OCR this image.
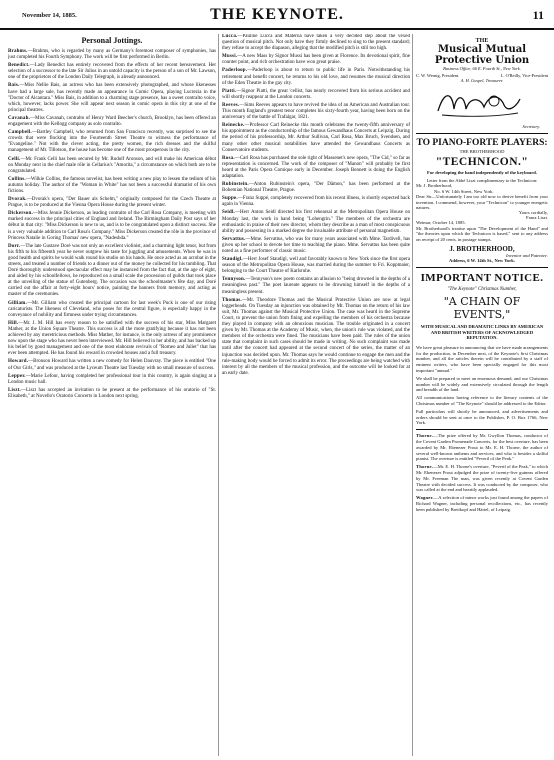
November 14, 1885.	THE KEYNOTE.	11
Personal Jottings.

Brahms.—Brahms, who is regarded by many as Germany's foremost composer of symphonies, has just completed his Fourth Symphony. The work will be first performed in Berlin.

Benedict.—Lady Benedict has entirely recovered from the effects of her recent bereavement. Her selection of a successor to the late Sir Julius in an untold capacity is the person of a son of Mr. Lawson, one of the proprietors of the London Daily Telegraph, is already announced.

Bais.—Miss Nellie Bais, an actress who has been extensively photographed, and whose likenesses have had a large sale, has recently made an appearance in Comic Opera, playing Lucrezia in the "Doctor of Alcantara." Miss Bais, in addition to a charming stage presence, has a sweet contralto voice, which, however, lacks power. She will appear next season in comic opera in this city at one of the principal theatres.

Cavanah.—Miss Cavanah, contralto of Henry Ward Beecher's church, Brooklyn, has been offered an engagement with the Kellogg company as solo contralto.

Campbell.—Bartley Campbell, who returned from San Francisco recently, was surprised to see the crowds that were flocking into the Fourteenth Street Theatre to witness the performance of "Evangeline." Not with the clever acting, the pretty women, the rich dresses and the skilful management of Mr. Tillotson, the house has become one of the most prosperous in the city.

Celli.—Mr. Frank Celli has been secured by Mr. Rudolf Aronson, and will make his American début on Monday next in the chief male rôle in Cellarius's "Amorita," a circumstance on which both are to be congratulated.

Collins.—Wilkie Collins, the famous novelist, has been writing a new play to lessen the tedium of his autumn holiday. The author of the "Woman in White" has not been a successful dramatist of his own fictions.

Dvorak.—Dvorak's opera, "Der Bauer als Schelm," originally composed for the Czech Theatre at Prague, is to be produced at the Vienna Opera House during the present winter.

Dickerson.—Miss Jennie Dickerson, as leading contralto of the Carl Rosa Company, is meeting with marked success in the principal cities of England and Ireland. The Birmingham Daily Post says of her début in that city: "Miss Dickerson is new to us, and is to be congratulated upon a distinct success. She is a very valuable addition to Carl Rosa's Company." Miss Dickerson created the rôle in the province of Princess Natalie in Goring Thomas' new opera, "Nadeshda."

Dorr.—The late Gustave Doré was not only an excellent violinist, and a charming light tenor, but from his fifth to his fifteenth year he never outgrew his taste for juggling and amusements. When he was in good health and spirits he would walk round his studio on his hands. He once acted as an acrobat in the streets, and treated a number of friends to a dinner out of the money he collected for his tumbling. That Doré thoroughly understood spectacular effect may be instanced from the fact that, at the age of eight, and aided by his schoolfellows, he reproduced on a small scale the procession of guilds that took place at the unveiling of the statue of Gutenberg. The occasion was the schoolmaster's fête day, and Doré carried out the affair at forty-eight hours' notice, painting the banners from memory, and acting as master of the ceremonies.

Gilliam.—Mr. Gilliam who created the principal cartoon for last week's Puck is one of our rising caricaturists. The likeness of Cleveland, who poses for the central figure, is especially happy in the conveyance of nobility and firmness under trying circumstances.

Hill.—Mr. J. M. Hill has every reason to be satisfied with the success of his star, Miss Margaret Mather, at the Union Square Theatre. This success is all the more gratifying because it has not been achieved by any meretricious methods. Miss Mather, for instance, is the only actress of any prominence now upon the stage who has never been interviewed. Mr. Hill believed in her ability, and has backed up his belief by good management and one of the most elaborate revivals of "Romeo and Juliet" that has ever been attempted. He has found his reward in crowded houses and a full treasury.

Howard.—Bronson Howard has written a new comedy for Helen Dauvray. The piece is entitled "One of Our Girls," and was produced at the Lyceum Theatre last Tuesday with no small measure of success.

Lepper.—Marie Lefour, having completed her professional tour in this country, is again singing at a London music hall.

Liszt.—Liszt has accepted an invitation to be present at the performance of his oratorio of "St. Elisabeth," at Novello's Oratorio Concerts in London next spring.

Lucca.—Pauline Lucca and Materna have taken a very decided step about the vexed question of musical pitch. Not only have they firmly declined to sing to the present standard; they refuse to accept the diapason, alleging that the modified pitch is still too high.

Mussi.—A new Mass by Signor Mussi has been given at Florence. Its devotional spirit, fine counter point, and rich orchestration have won great praise.

Paderloop.—Paderloop is about to return to public life in Paris. Notwithstanding his retirement and benefit concert, he returns to his old love, and resumes the musical direction of the Eden Theatre in the gay city.

Piatti.—Signor Piatti, the great 'cellist, has nearly recovered from his serious accident and will shortly reappear at the London concerts.

Reeves.—Sims Reeves appears to have revived the idea of an American and Australian tour. This month England's greatest tenor completes his sixty-fourth year, having been born on the anniversary of the battle of Trafalgar, 1821.

Reinecke.—Professor Carl Reinecke this month celebrates the twenty-fifth anniversary of his appointment as the conductorship of the famous Gewandhaus Concerts at Leipzig. During the period of his professorship, Mr. Arthur Sullivan, Carl Rosa, Max Bruch, Svendsen, and many other other musical notabilities have attended the Gewandhaus Concerts as Conservatoire students.

Rosa.—Carl Rosa has purchased the sole right of Massenet's new opera, "The Cid," so far as representation is concerned. The work of the composer of "Manon" will probably be first heard at the Paris Opera Comique early in December. Joseph Bennett is doing the English adaptation.

Rubinstein.—Anton Rubinstein's opera, "Der Dämon," has been performed at the Bohemian National Theatre, Prague.

Suppe.—Franz Suppé, completely recovered from his recent illness, is shortly expected back again in Vienna.

Seidl.—Herr Anton Seidl directed his first rehearsal at the Metropolitan Opera House on Monday last, the work in hand being "Lohengrin." The members of the orchestra are enthusiastic in praise of their new director, whom they describe as a man of most conspicuous ability and possessing in a marked degree the invaluable attribute of personal magnetism.

Servattus.—Mme. Servattus, who was for many years associated with Mme. Tardivell, has given up her school to devote her time to teaching the piano. Mme. Servattus has been quite noted as a fine performer of classic music.

Staudigl.—Herr Josef Staudigl, well and favorably known to New York since the first opera season of the Metropolitan Opera House, was married during the summer to Fri. Koppmaier, belonging to the Court Theatre of Karlsruhe.

Tennyson.—Tennyson's new poem contains an allusion to "being drowned in the depths of a meaningless past." The poet laureate appears to be drowning himself in the depths of a meaningless present.

Thomas.—Mr. Theodore Thomas and the Musical Protective Union are now at legal loggerheads. On Tuesday an injunction was obtained by Mr. Thomas on the return of his law suit, Mr. Thomas against the Musical Protective Union. The case was heard in the Supreme Court, to prevent the union from fining and expelling the members of his orchestra because they played in company with an obnoxious musician. The trouble originated in a concert given by Mr. Thomas at the Academy of Music, when, the union's rule was violated, and the members of the orchestra were fined. The musicians have been paid. The rules of the union state that complaint in such cases should be made in writing. No such complaint was made until after the concert had appeared at the second concert of the series, the matter of an injunction was decided upon. Mr. Thomas says he would continue to engage the men and the rule-making body would be forced to admit its error. The proceedings are being watched with interest by all the members of the musical profession, and the outcome will be looked for at an early date.

THE
Musical Mutual Protective Union
Business Office, 66 E. Fourth St., New York.
C. W. Wernig, President.	L. O'Reilly, Vice-President
A. H. Gospel, Treasurer.
Secretary.
TO PIANO-FORTE PLAYERS:
THE BROTHERHOOD
"TECHNICON."
For developing the hand independently of the keyboard.
Letter from the Abbé Liszt complimentary to the Technicon:
Mr. J. Brotherhood,
No. 6 W. 14th Street, New York.
Dear Sir—Unfortunately I am too old now to derive benefit from your invention. I commend, however, your "Technicon" to younger energetic natures.
Yours cordially,
Franz Liszt.
Weimar, October 14, 1885.
Mr. Brotherhood's treatise upon "The Development of the Hand" and "the theories upon which the Technicon is based," sent to any address on receipt of 20 cents, in postage stamps.
J. BROTHERHOOD,
Inventor and Patentee.
Address, 6 W. 14th St., New York.
IMPORTANT NOTICE.
"The Keynote" Christmas Number,
"A CHAIN OF EVENTS,"
WITH MUSICAL AND DRAMATIC LINKS BY AMERICAN AND BRITISH WRITERS OF ACKNOWLEDGED REPUTATION.

We have great pleasure in announcing that we have made arrangements for the production, in December next, of the Keynote's first Christmas number, and all the articles therein will be contributed by a staff of eminent writers, who have been specially engaged for this most important "annual."

We shall be prepared to meet an enormous demand, and our Christmas number will be widely and extensively circulated through the length and breadth of the land.

All communications having reference to the literary contents of the Christmas number of "The Keynote" should be addressed to the Editor.

Full particulars will shortly be announced, and advertisements and orders should be sent at once to the Publisher, P. O. Box 1766, New York.

Thorne.—The prize offered by Mr. Gwyllon Thomas, conductor of the Covent Garden Promenade Concerts, for the best overture, has been awarded by Mr. Ebenezer Prout to Mr. E. H. Thorne, the author of several well-known anthems and services, and who is besides a skilful pianist. The overture is entitled "Peveril of the Peak."

Thorne.—Mr. E. H. Thorne's overture, "Peveril of the Peak," to which Mr. Ebenezer Prout adjudged the prize of twenty-five guineas offered by Mr. Freeman The man, was given recently at Covent Garden Theatre with decided success. It was conducted by the composer, who was called at the end and heartily applauded.

Wagner.—A selection of minor works just found among the papers of Richard Wagner, including personal recollections, etc., has recently been published by Breitkopf and Härtel, of Leipzig.
